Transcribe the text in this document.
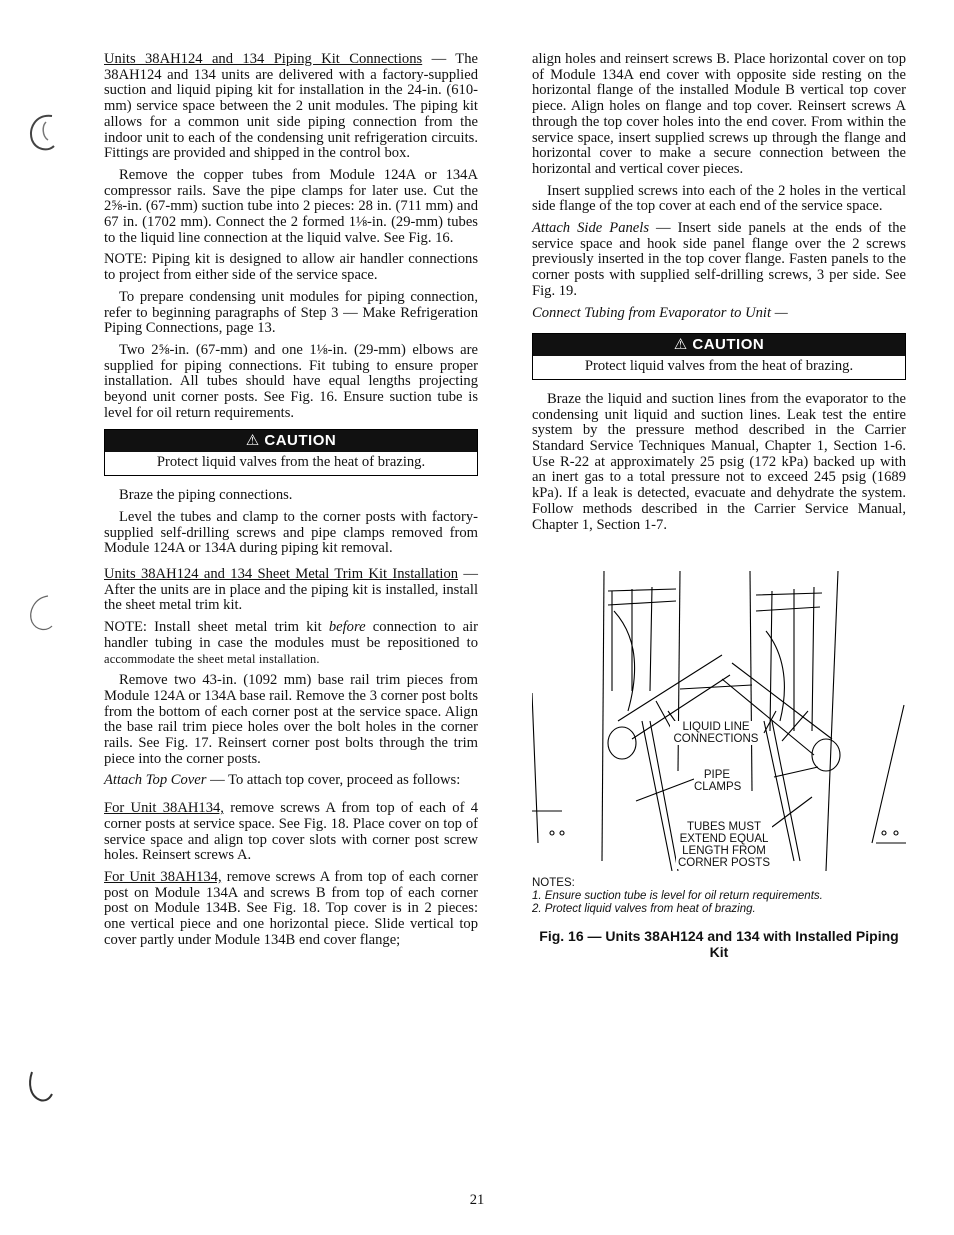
Units 38AH124 and 134 Piping Kit Connections — The 38AH124 and 134 units are delivered with a factory-supplied suction and liquid piping kit for installation in the 24-in. (610-mm) service space between the 2 unit modules. The piping kit allows for a common unit side piping connection from the indoor unit to each of the condensing unit refrigeration circuits. Fittings are provided and shipped in the control box.

Remove the copper tubes from Module 124A or 134A compressor rails. Save the pipe clamps for later use. Cut the 2⅝-in. (67-mm) suction tube into 2 pieces: 28 in. (711 mm) and 67 in. (1702 mm). Connect the 2 formed 1⅛-in. (29-mm) tubes to the liquid line connection at the liquid valve. See Fig. 16.

NOTE: Piping kit is designed to allow air handler connections to project from either side of the service space.

To prepare condensing unit modules for piping connection, refer to beginning paragraphs of Step 3 — Make Refrigeration Piping Connections, page 13.

Two 2⅝-in. (67-mm) and one 1⅛-in. (29-mm) elbows are supplied for piping connections. Fit tubing to ensure proper installation. All tubes should have equal lengths projecting beyond unit corner posts. See Fig. 16. Ensure suction tube is level for oil return requirements.

⚠ CAUTION
Protect liquid valves from the heat of brazing.

Braze the piping connections.

Level the tubes and clamp to the corner posts with factory-supplied self-drilling screws and pipe clamps removed from Module 124A or 134A during piping kit removal.

Units 38AH124 and 134 Sheet Metal Trim Kit Installation — After the units are in place and the piping kit is installed, install the sheet metal trim kit.

NOTE: Install sheet metal trim kit before connection to air handler tubing in case the modules must be repositioned to accommodate the sheet metal installation.

Remove two 43-in. (1092 mm) base rail trim pieces from Module 124A or 134A base rail. Remove the 3 corner post bolts from the bottom of each corner post at the service space. Align the base rail trim piece holes over the bolt holes in the corner rails. See Fig. 17. Reinsert corner post bolts through the trim piece into the corner posts.

Attach Top Cover — To attach top cover, proceed as follows:

For Unit 38AH134, remove screws A from top of each of 4 corner posts at service space. See Fig. 18. Place cover on top of service space and align top cover slots with corner post screw holes. Reinsert screws A.

For Unit 38AH134, remove screws A from top of each corner post on Module 134A and screws B from top of each corner post on Module 134B. See Fig. 18. Top cover is in 2 pieces: one vertical piece and one horizontal piece. Slide vertical top cover partly under Module 134B end cover flange;

align holes and reinsert screws B. Place horizontal cover on top of Module 134A end cover with opposite side resting on the horizontal flange of the installed Module B vertical top cover piece. Align holes on flange and top cover. Reinsert screws A through the top cover holes into the end cover. From within the service space, insert supplied screws up through the flange and horizontal cover to make a secure connection between the horizontal and vertical cover pieces.

Insert supplied screws into each of the 2 holes in the vertical side flange of the top cover at each end of the service space.

Attach Side Panels — Insert side panels at the ends of the service space and hook side panel flange over the 2 screws previously inserted in the top cover flange. Fasten panels to the corner posts with supplied self-drilling screws, 3 per side. See Fig. 19.

Connect Tubing from Evaporator to Unit —

⚠ CAUTION
Protect liquid valves from the heat of brazing.

Braze the liquid and suction lines from the evaporator to the condensing unit liquid and suction lines. Leak test the entire system by the pressure method described in the Carrier Standard Service Techniques Manual, Chapter 1, Section 1-6. Use R-22 at approximately 25 psig (172 kPa) backed up with an inert gas to a total pressure not to exceed 245 psig (1689 kPa). If a leak is detected, evacuate and dehydrate the system. Follow methods described in the Carrier Service Manual, Chapter 1, Section 1-7.

LIQUID LINE CONNECTIONS
PIPE CLAMPS
TUBES MUST EXTEND EQUAL LENGTH FROM CORNER POSTS
NOTES:
1. Ensure suction tube is level for oil return requirements.
2. Protect liquid valves from heat of brazing.
Fig. 16 — Units 38AH124 and 134 with Installed Piping Kit
21
